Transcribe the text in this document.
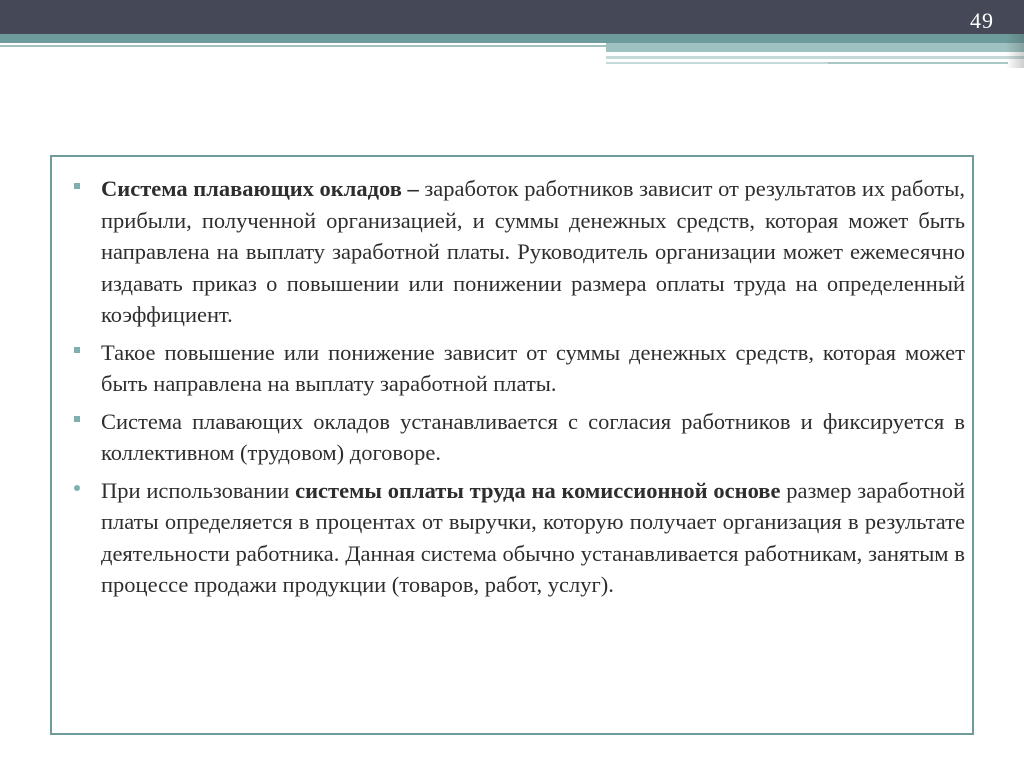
49
Система плавающих окладов – заработок работников зависит от результатов их работы, прибыли, полученной организацией, и суммы денежных средств, которая может быть направлена на выплату заработной платы. Руководитель организации может ежемесячно издавать приказ о повышении или понижении размера оплаты труда на определенный коэффициент.
Такое повышение или понижение зависит от суммы денежных средств, которая может быть направлена на выплату заработной платы.
Система плавающих окладов устанавливается с согласия работников и фиксируется в коллективном (трудовом) договоре.
При использовании системы оплаты труда на комиссионной основе размер заработной платы определяется в процентах от выручки, которую получает организация в результате деятельности работника. Данная система обычно устанавливается работникам, занятым в процессе продажи продукции (товаров, работ, услуг).
